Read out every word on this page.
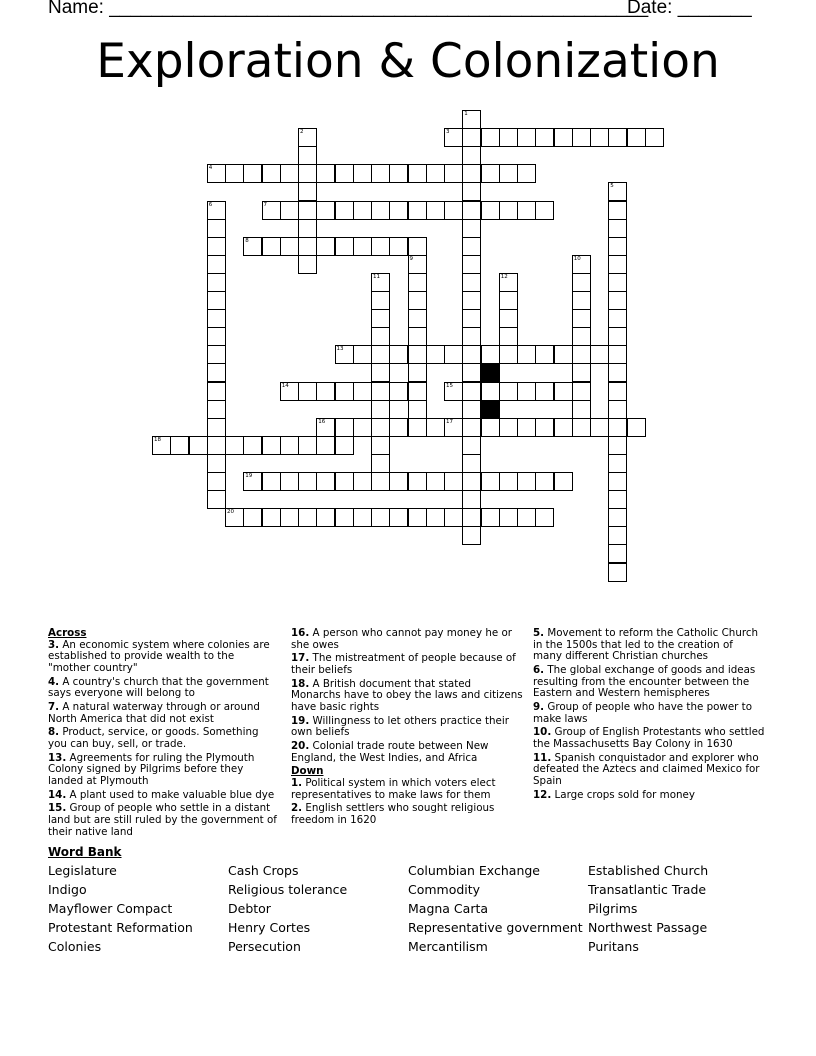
Name: ___________________________________________________
Date: _______
Exploration & Colonization
3
4
7
8
13
14	15
16	17
18
19
20
1
2
5
6
9	10
11	12
Across
3. An economic system where colonies are established to provide wealth to the "mother country"
4. A country's church that the government says everyone will belong to
7. A natural waterway through or around North America that did not exist
8. Product, service, or goods. Something you can buy, sell, or trade.
13. Agreements for ruling the Plymouth Colony signed by Pilgrims before they landed at Plymouth
14. A plant used to make valuable blue dye
15. Group of people who settle in a distant land but are still ruled by the government of their native land
16. A person who cannot pay money he or she owes
17. The mistreatment of people because of their beliefs
18. A British document that stated Monarchs have to obey the laws and citizens have basic rights
19. Willingness to let others practice their own beliefs
20. Colonial trade route between New England, the West Indies, and Africa
Down
1. Political system in which voters elect representatives to make laws for them
2. English settlers who sought religious freedom in 1620
5. Movement to reform the Catholic Church in the 1500s that led to the creation of many different Christian churches
6. The global exchange of goods and ideas resulting from the encounter between the Eastern and Western hemispheres
9. Group of people who have the power to make laws
10. Group of English Protestants who settled the Massachusetts Bay Colony in 1630
11. Spanish conquistador and explorer who defeated the Aztecs and claimed Mexico for Spain
12. Large crops sold for money
Word Bank
Legislature
Indigo
Mayflower Compact
Protestant Reformation
Colonies
Cash Crops
Religious tolerance
Debtor
Henry Cortes
Persecution
Columbian Exchange
Commodity
Magna Carta
Representative government
Mercantilism
Established Church
Transatlantic Trade
Pilgrims
Northwest Passage
Puritans
